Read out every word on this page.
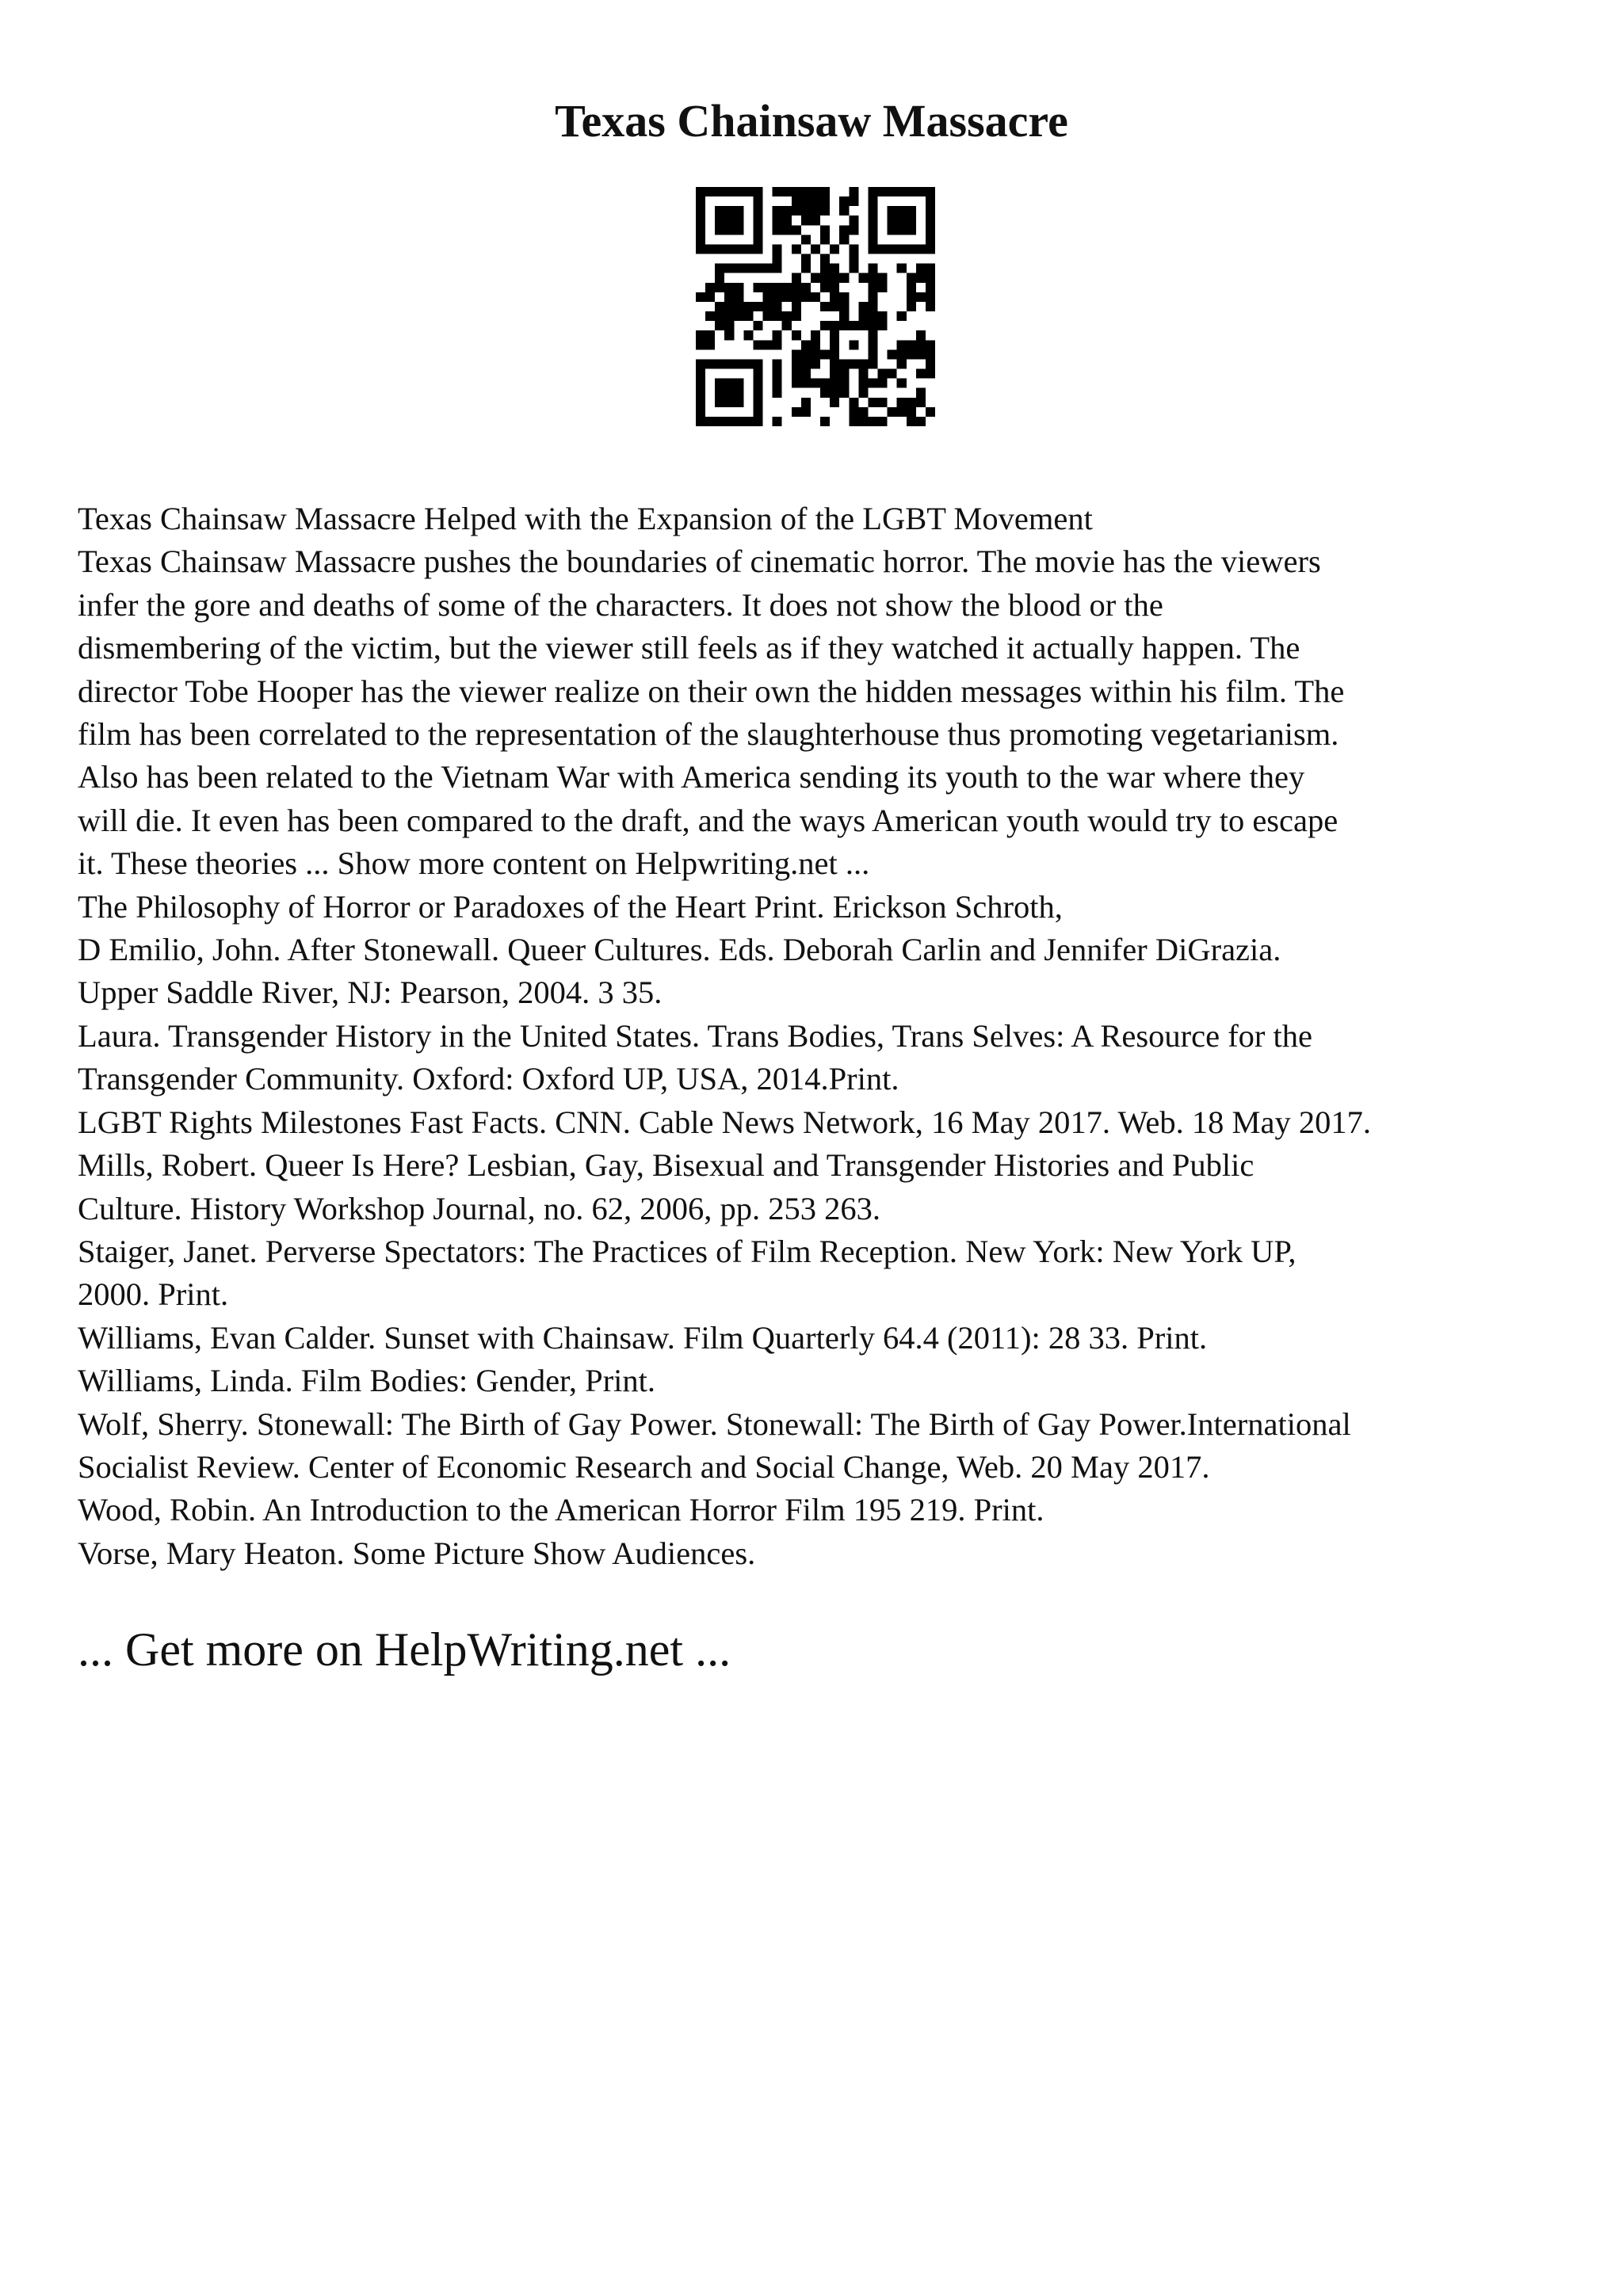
Texas Chainsaw Massacre
Texas Chainsaw Massacre Helped with the Expansion of the LGBT Movement
Texas Chainsaw Massacre pushes the boundaries of cinematic horror. The movie has the viewers
infer the gore and deaths of some of the characters. It does not show the blood or the
dismembering of the victim, but the viewer still feels as if they watched it actually happen. The
director Tobe Hooper has the viewer realize on their own the hidden messages within his film. The
film has been correlated to the representation of the slaughterhouse thus promoting vegetarianism.
Also has been related to the Vietnam War with America sending its youth to the war where they
will die. It even has been compared to the draft, and the ways American youth would try to escape
it. These theories ... Show more content on Helpwriting.net ...
The Philosophy of Horror or Paradoxes of the Heart Print. Erickson Schroth,
D Emilio, John. After Stonewall. Queer Cultures. Eds. Deborah Carlin and Jennifer DiGrazia.
Upper Saddle River, NJ: Pearson, 2004. 3 35.
Laura. Transgender History in the United States. Trans Bodies, Trans Selves: A Resource for the
Transgender Community. Oxford: Oxford UP, USA, 2014.Print.
LGBT Rights Milestones Fast Facts. CNN. Cable News Network, 16 May 2017. Web. 18 May 2017.
Mills, Robert. Queer Is Here? Lesbian, Gay, Bisexual and Transgender Histories and Public
Culture. History Workshop Journal, no. 62, 2006, pp. 253 263.
Staiger, Janet. Perverse Spectators: The Practices of Film Reception. New York: New York UP,
2000. Print.
Williams, Evan Calder. Sunset with Chainsaw. Film Quarterly 64.4 (2011): 28 33. Print.
Williams, Linda. Film Bodies: Gender, Print.
Wolf, Sherry. Stonewall: The Birth of Gay Power. Stonewall: The Birth of Gay Power.International
Socialist Review. Center of Economic Research and Social Change, Web. 20 May 2017.
Wood, Robin. An Introduction to the American Horror Film 195 219. Print.
Vorse, Mary Heaton. Some Picture Show Audiences.
... Get more on HelpWriting.net ...
